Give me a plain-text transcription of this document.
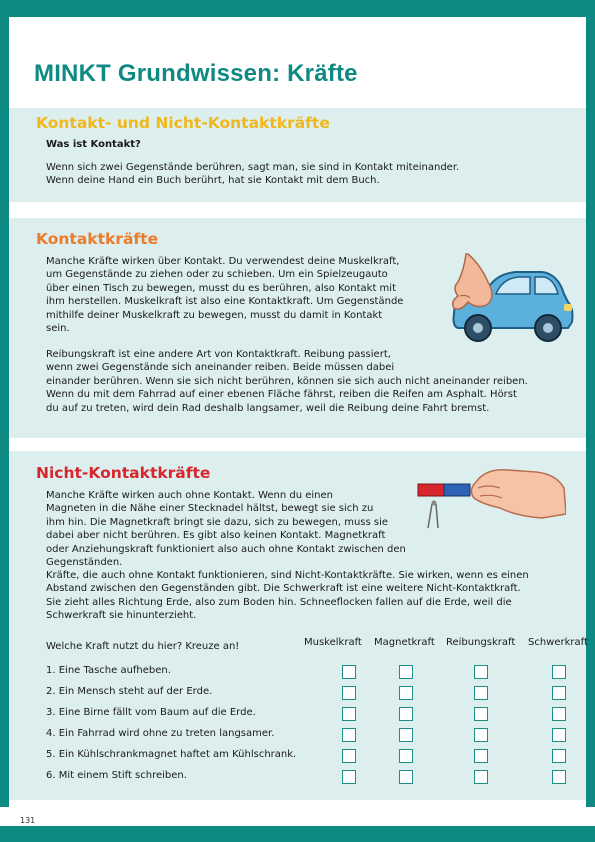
MINKT Grundwissen: Kräfte
Kontakt- und Nicht-Kontaktkräfte
Was ist Kontakt?

Wenn sich zwei Gegenstände berühren, sagt man, sie sind in Kontakt miteinander.

Wenn deine Hand ein Buch berührt, hat sie Kontakt mit dem Buch.

Kontaktkräfte

Manche Kräfte wirken über Kontakt. Du verwendest deine Muskelkraft,

um Gegenstände zu ziehen oder zu schieben. Um ein Spielzeugauto

über einen Tisch zu bewegen, musst du es berühren, also Kontakt mit

ihm herstellen. Muskelkraft ist also eine Kontaktkraft. Um Gegenstände

mithilfe deiner Muskelkraft zu bewegen, musst du damit in Kontakt

sein.

Reibungskraft ist eine andere Art von Kontaktkraft. Reibung passiert,

wenn zwei Gegenstände sich aneinander reiben. Beide müssen dabei

einander berühren. Wenn sie sich nicht berühren, können sie sich auch nicht aneinander reiben.

Wenn du mit dem Fahrrad auf einer ebenen Fläche fährst, reiben die Reifen am Asphalt. Hörst

du auf zu treten, wird dein Rad deshalb langsamer, weil die Reibung deine Fahrt bremst.

Nicht-Kontaktkräfte

Manche Kräfte wirken auch ohne Kontakt. Wenn du einen

Magneten in die Nähe einer Stecknadel hältst, bewegt sie sich zu

ihm hin. Die Magnetkraft bringt sie dazu, sich zu bewegen, muss sie

dabei aber nicht berühren. Es gibt also keinen Kontakt. Magnetkraft

oder Anziehungskraft funktioniert also auch ohne Kontakt zwischen den Gegenständen.

Kräfte, die auch ohne Kontakt funktionieren, sind Nicht-Kontaktkräfte. Sie wirken, wenn es einen

Abstand zwischen den Gegenständen gibt. Die Schwerkraft ist eine weitere Nicht-Kontaktkraft.

Sie zieht alles Richtung Erde, also zum Boden hin. Schneeflocken fallen auf die Erde, weil die

Schwerkraft sie hinunterzieht.

Welche Kraft nutzt du hier? Kreuze an!	Muskelkraft Magnetkraft Reibungskraft Schwerkraft
1. Eine Tasche aufheben.
2. Ein Mensch steht auf der Erde.
3. Eine Birne fällt vom Baum auf die Erde.
4. Ein Fahrrad wird ohne zu treten langsamer.
5. Ein Kühlschrankmagnet haftet am Kühlschrank.
6. Mit einem Stift schreiben.
131
